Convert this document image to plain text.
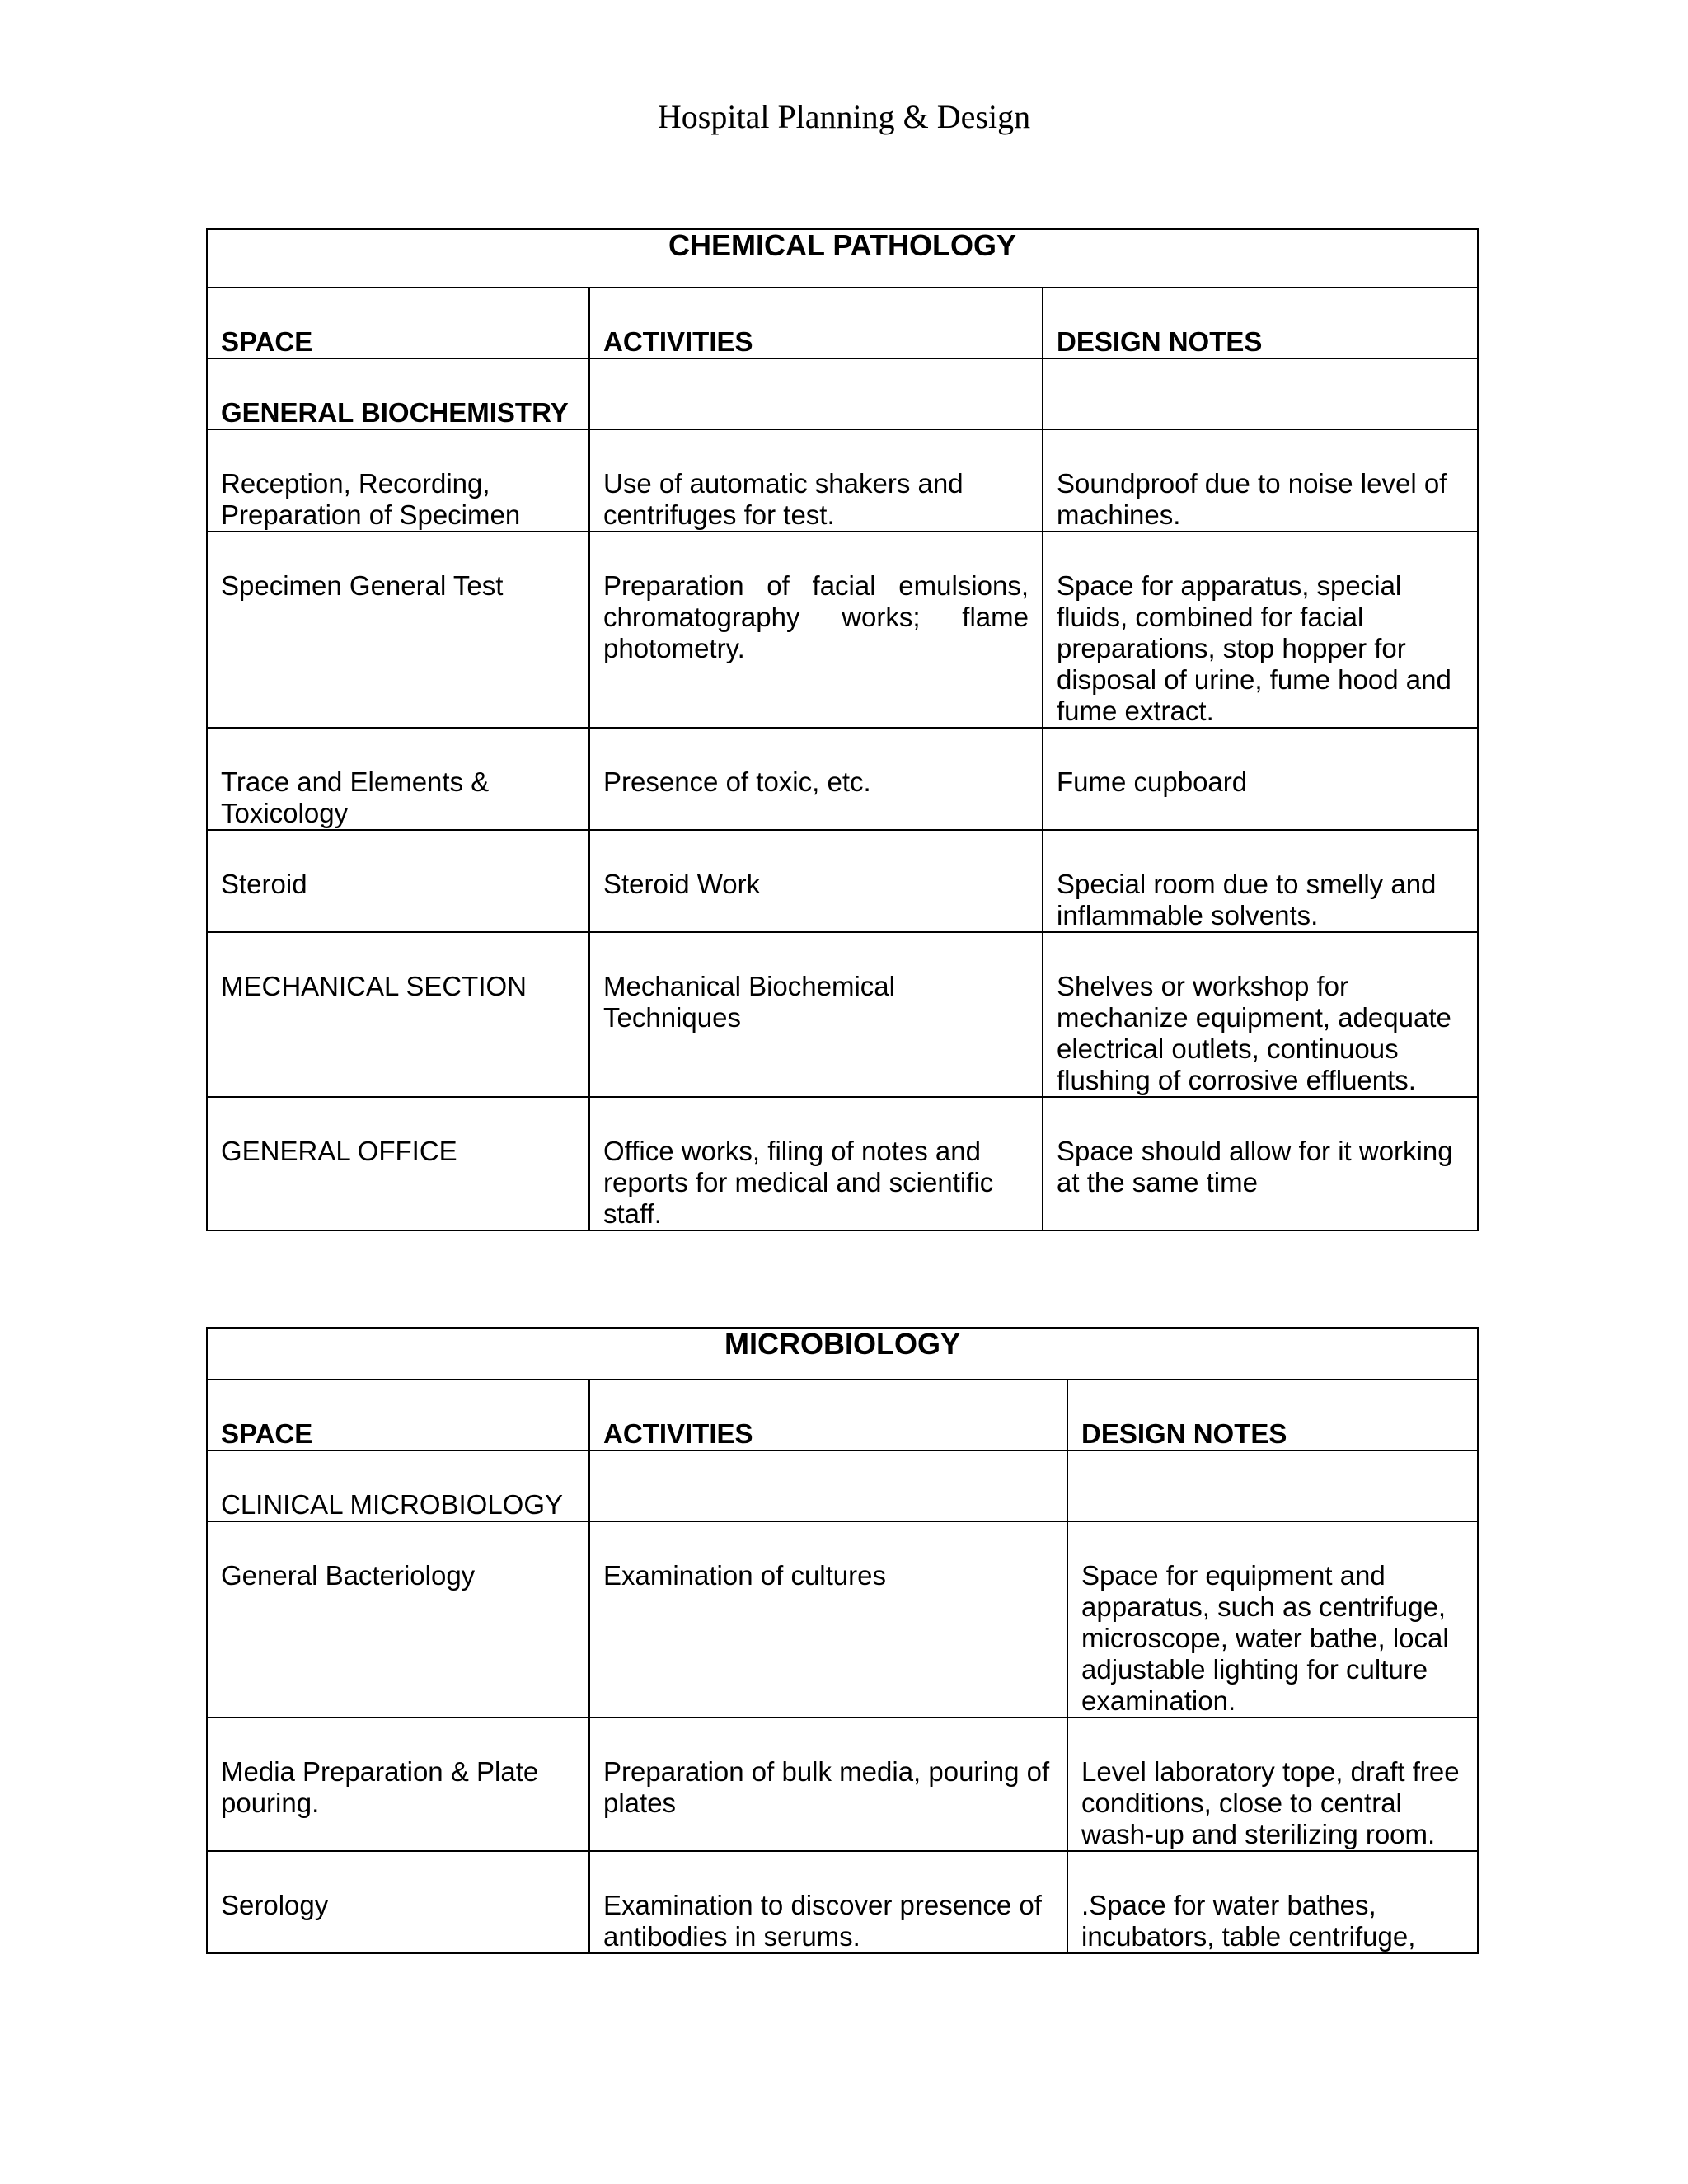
Hospital Planning & Design
CHEMICAL PATHOLOGY		
SPACE	ACTIVITIES	DESIGN NOTES
GENERAL BIOCHEMISTRY		
Reception, Recording, Preparation of Specimen	Use of automatic shakers and centrifuges for test.	Soundproof due to noise level of machines.
Specimen General Test	Preparation of facial emulsions, chromatography works; flame photometry.	Space for apparatus, special fluids, combined for facial preparations, stop hopper for disposal of urine, fume hood and fume extract.
Trace and Elements & Toxicology	Presence of toxic, etc.	Fume cupboard
Steroid	Steroid Work	Special room due to smelly and inflammable solvents.
MECHANICAL SECTION	Mechanical Biochemical Techniques	Shelves or workshop for mechanize equipment, adequate electrical outlets, continuous flushing of corrosive effluents.
GENERAL OFFICE	Office works, filing of notes and reports for medical and scientific staff.	Space should allow for it working at the same time
MICROBIOLOGY		
SPACE	ACTIVITIES	DESIGN NOTES
CLINICAL MICROBIOLOGY		
General Bacteriology	Examination of cultures	Space for equipment and apparatus, such as centrifuge, microscope, water bathe, local adjustable lighting for culture examination.
Media Preparation & Plate pouring.	Preparation of bulk media, pouring of plates	Level laboratory tope, draft free conditions, close to central wash-up and sterilizing room.
Serology	Examination to discover presence of antibodies in serums.	.Space for water bathes, incubators, table centrifuge,
